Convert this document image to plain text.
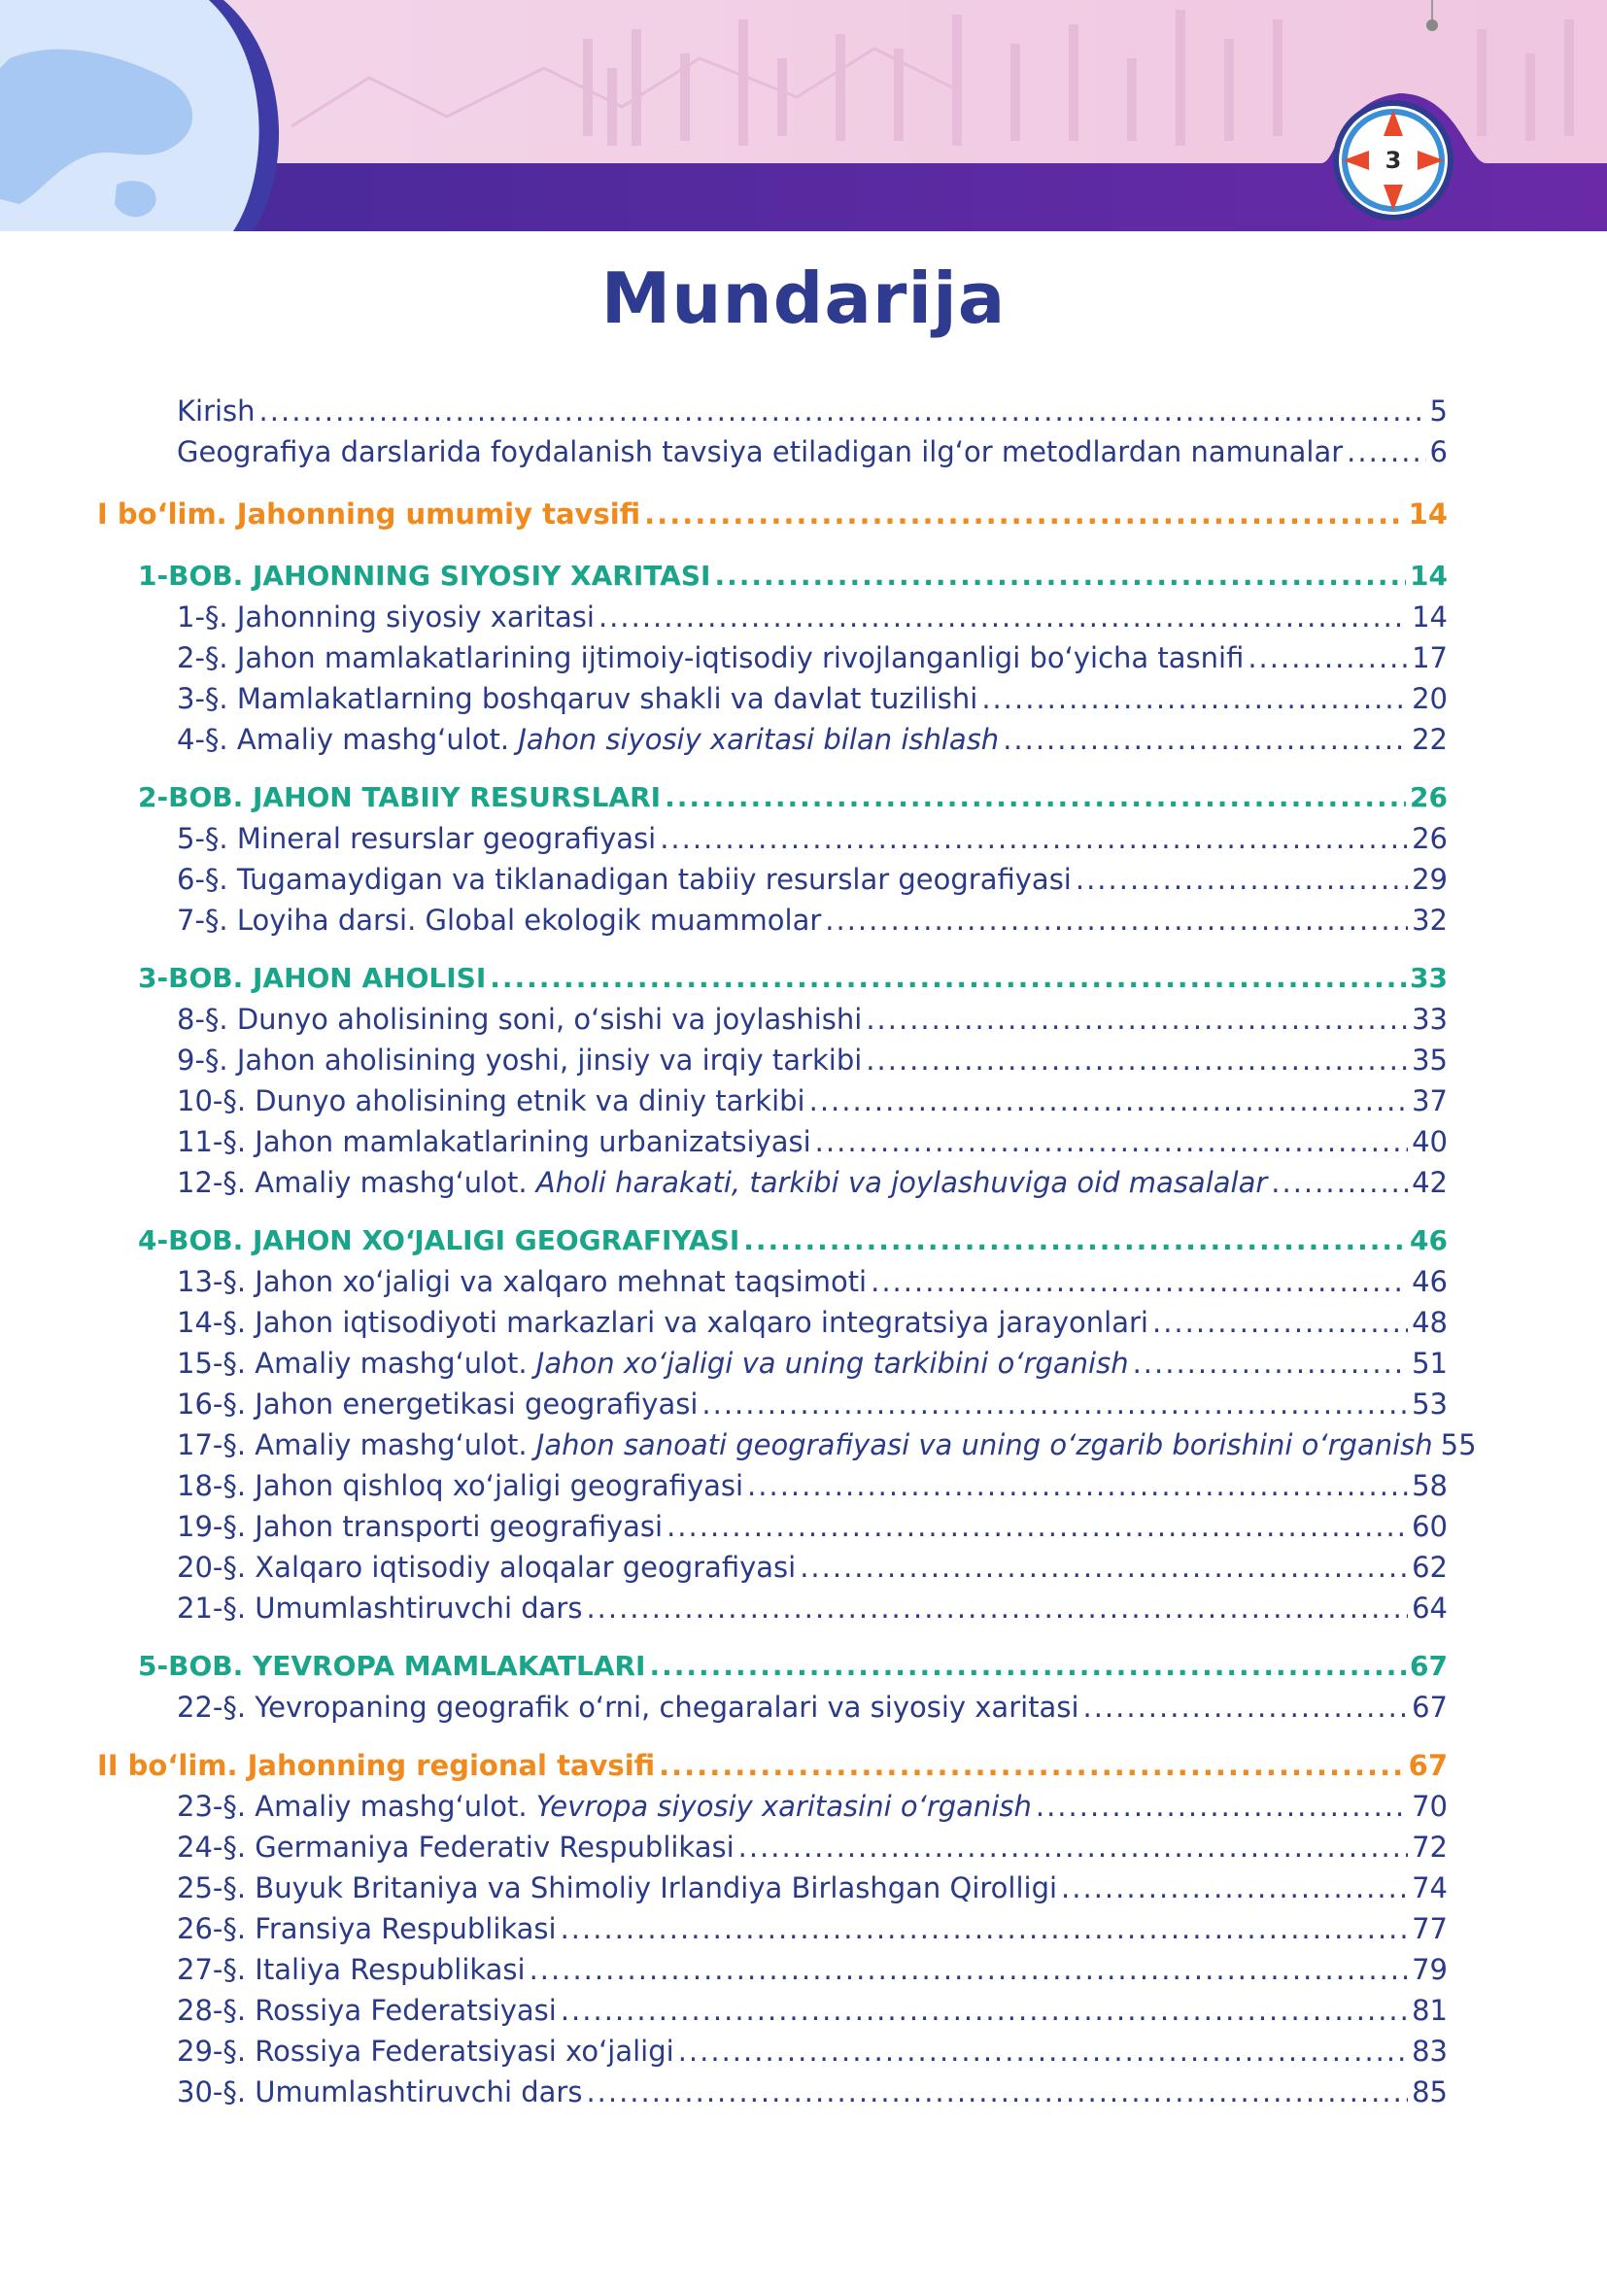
3
Mundarija
Kirish .....	5
Geografiya darslarida foydalanish tavsiya etiladigan ilg‘or metodlardan namunalar .....	6
I bo‘lim. Jahonning umumiy tavsifi .....	14
1-BOB. JAHONNING SIYOSIY XARITASI .....	14
1-§. Jahonning siyosiy xaritasi .....	14
2-§. Jahon mamlakatlarining ijtimoiy-iqtisodiy rivojlanganligi bo‘yicha tasnifi .....	17
3-§. Mamlakatlarning boshqaruv shakli va davlat tuzilishi .....	20
4-§. Amaliy mashg‘ulot. Jahon siyosiy xaritasi bilan ishlash .....	22
2-BOB. JAHON TABIIY RESURSLARI .....	26
5-§. Mineral resurslar geografiyasi .....	26
6-§. Tugamaydigan va tiklanadigan tabiiy resurslar geografiyasi .....	29
7-§. Loyiha darsi. Global ekologik muammolar .....	32
3-BOB. JAHON AHOLISI .....	33
8-§. Dunyo aholisining soni, o‘sishi va joylashishi .....	33
9-§. Jahon aholisining yoshi, jinsiy va irqiy tarkibi .....	35
10-§. Dunyo aholisining etnik va diniy tarkibi .....	37
11-§. Jahon mamlakatlarining urbanizatsiyasi .....	40
12-§. Amaliy mashg‘ulot. Aholi harakati, tarkibi va joylashuviga oid masalalar .....	42
4-BOB. JAHON XO‘JALIGI GEOGRAFIYASI .....	46
13-§. Jahon xo‘jaligi va xalqaro mehnat taqsimoti .....	46
14-§. Jahon iqtisodiyoti markazlari va xalqaro integratsiya jarayonlari .....	48
15-§. Amaliy mashg‘ulot. Jahon xo‘jaligi va uning tarkibini o‘rganish .....	51
16-§. Jahon energetikasi geografiyasi .....	53
17-§. Amaliy mashg‘ulot. Jahon sanoati geografiyasi va uning o‘zgarib borishini o‘rganish 55
18-§. Jahon qishloq xo‘jaligi geografiyasi .....	58
19-§. Jahon transporti geografiyasi .....	60
20-§. Xalqaro iqtisodiy aloqalar geografiyasi .....	62
21-§. Umumlashtiruvchi dars .....	64
5-BOB. YEVROPA MAMLAKATLARI .....	67
22-§. Yevropaning geografik o‘rni, chegaralari va siyosiy xaritasi .....	67
II bo‘lim. Jahonning regional tavsifi .....	67
23-§. Amaliy mashg‘ulot. Yevropa siyosiy xaritasini o‘rganish .....	70
24-§. Germaniya Federativ Respublikasi .....	72
25-§. Buyuk Britaniya va Shimoliy Irlandiya Birlashgan Qirolligi .....	74
26-§. Fransiya Respublikasi .....	77
27-§. Italiya Respublikasi .....	79
28-§. Rossiya Federatsiyasi .....	81
29-§. Rossiya Federatsiyasi xo‘jaligi .....	83
30-§. Umumlashtiruvchi dars .....	85
